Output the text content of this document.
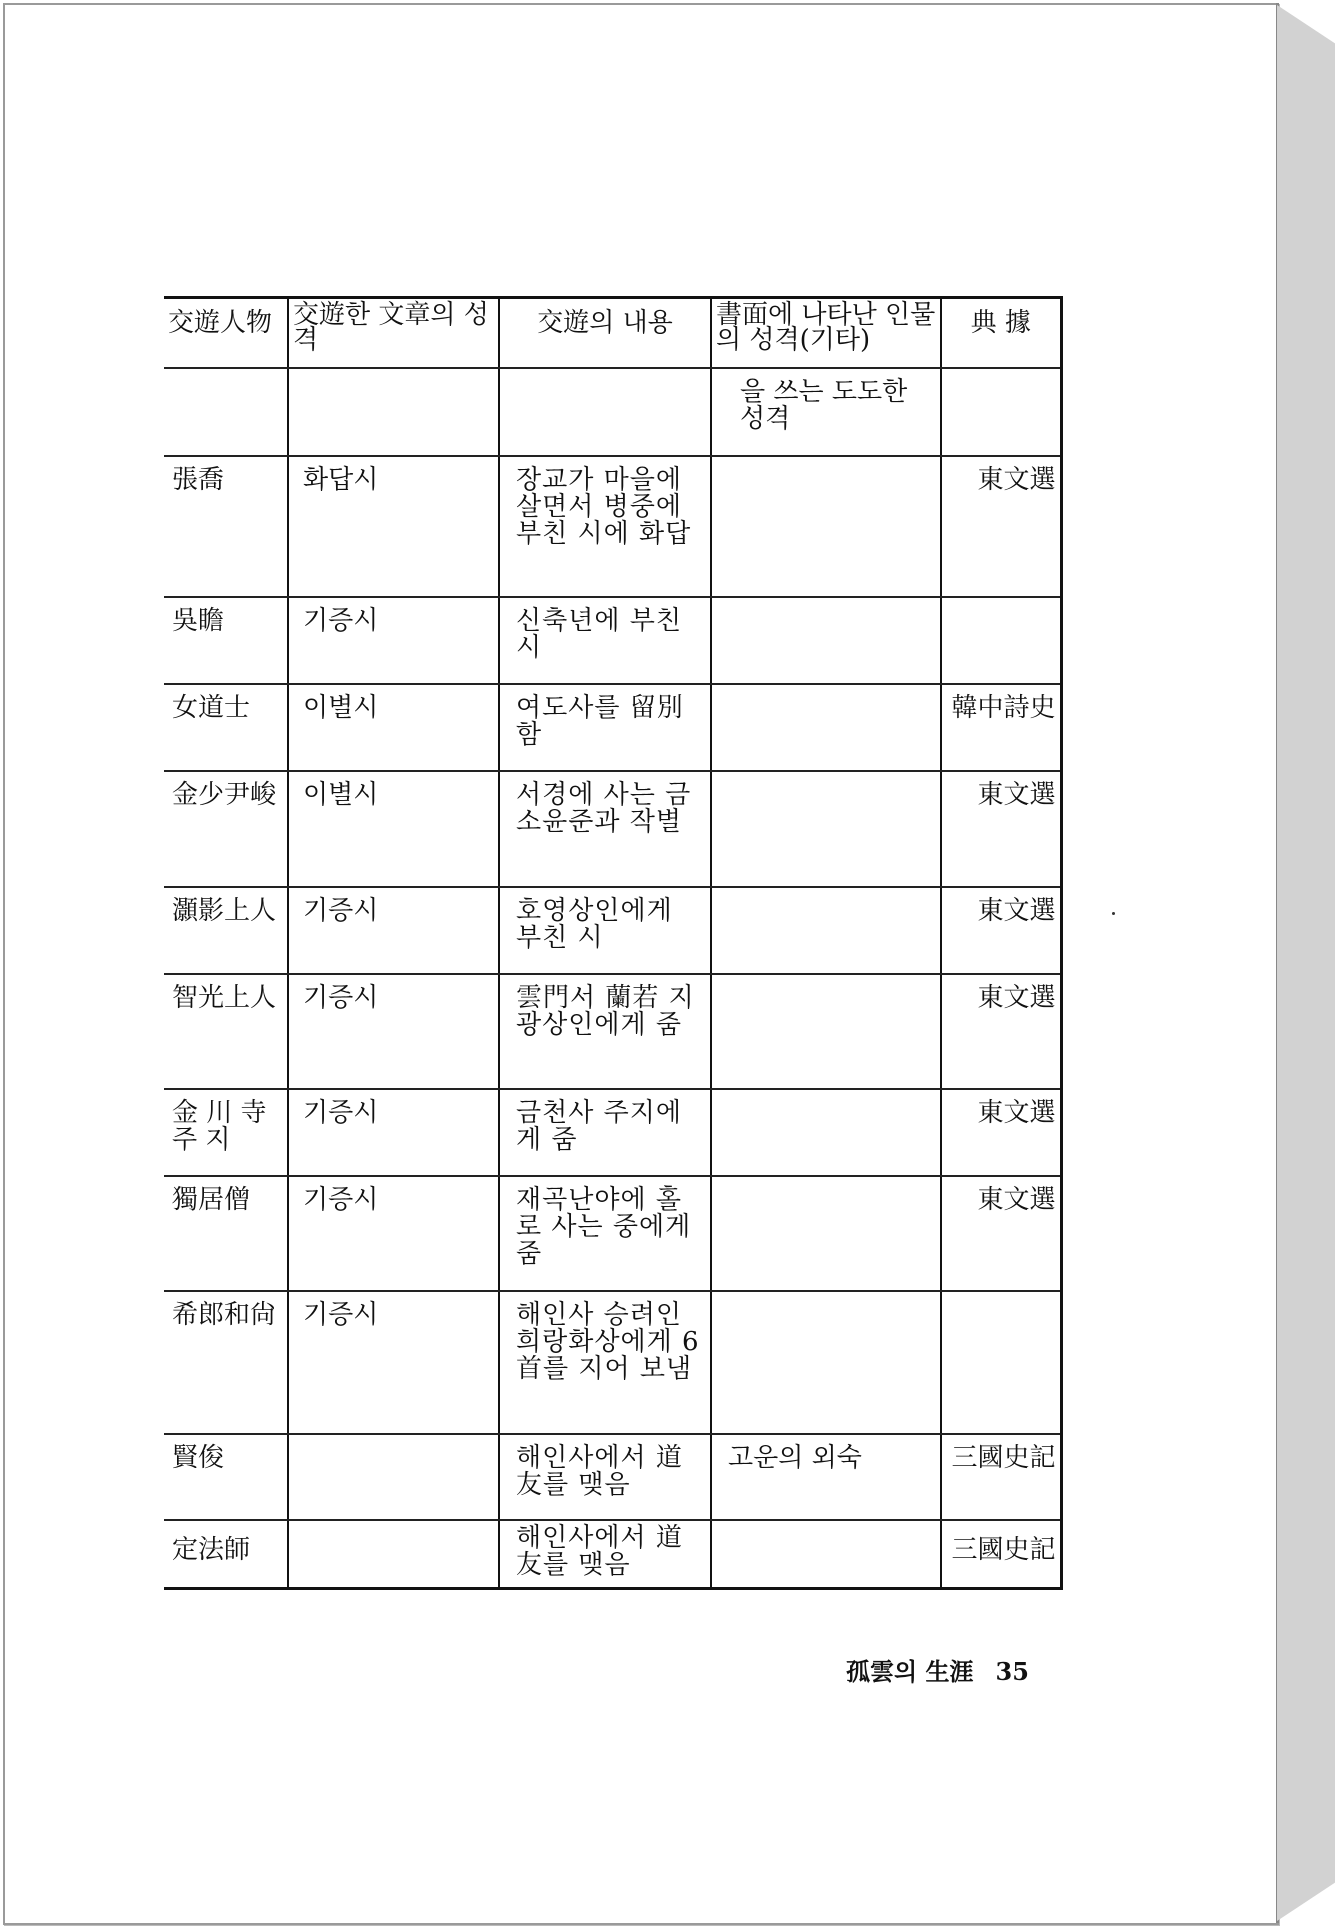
交遊人物	交遊한 文章의 성격	交遊의 내용	書面에 나타난 인물의 성격(기타)	典 據

			을 쓰는 도도한 성격	

張喬	화답시	장교가 마을에 살면서 병중에 부친 시에 화답		東文選

吳瞻	기증시	신축년에 부친 시		

女道士	이별시	여도사를 留別함		韓中詩史

金少尹峻	이별시	서경에 사는 금소윤준과 작별		東文選

灝影上人	기증시	호영상인에게 부친 시		東文選

智光上人	기증시	雲門서 蘭若 지광상인에게 줌		東文選

金 川 寺 주 지	기증시	금천사 주지에게 줌		東文選

獨居僧	기증시	재곡난야에 홀로 사는 중에게 줌		東文選

希郎和尙	기증시	해인사 승려인 희랑화상에게 6首를 지어 보냄		

賢俊		해인사에서 道友를 맺음	고운의 외숙	三國史記

定法師		해인사에서 道友를 맺음		三國史記
孤雲의 生涯 35
